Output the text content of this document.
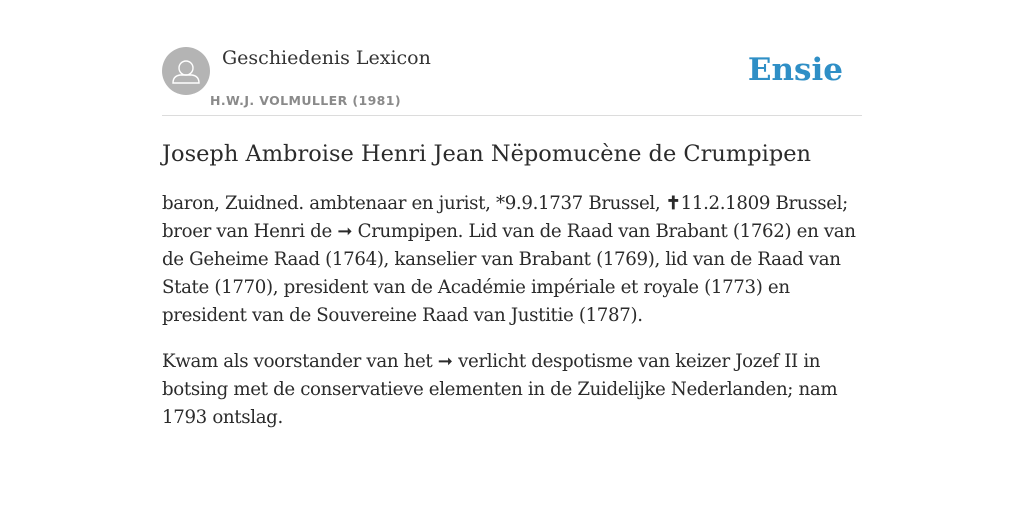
Geschiedenis Lexicon
H.W.J. VOLMULLER (1981)
Ensie
Joseph Ambroise Henri Jean Nëpomucène de Crumpipen

baron, Zuidned. ambtenaar en jurist, *9.9.1737 Brussel, ✝11.2.1809 Brussel; broer van Henri de ➞ Crumpipen. Lid van de Raad van Brabant (1762) en van de Geheime Raad (1764), kanselier van Brabant (1769), lid van de Raad van State (1770), president van de Académie impériale et royale (1773) en president van de Souvereine Raad van Justitie (1787).

Kwam als voorstander van het ➞ verlicht despotisme van keizer Jozef II in botsing met de conservatieve elementen in de Zuidelijke Nederlanden; nam 1793 ontslag.
